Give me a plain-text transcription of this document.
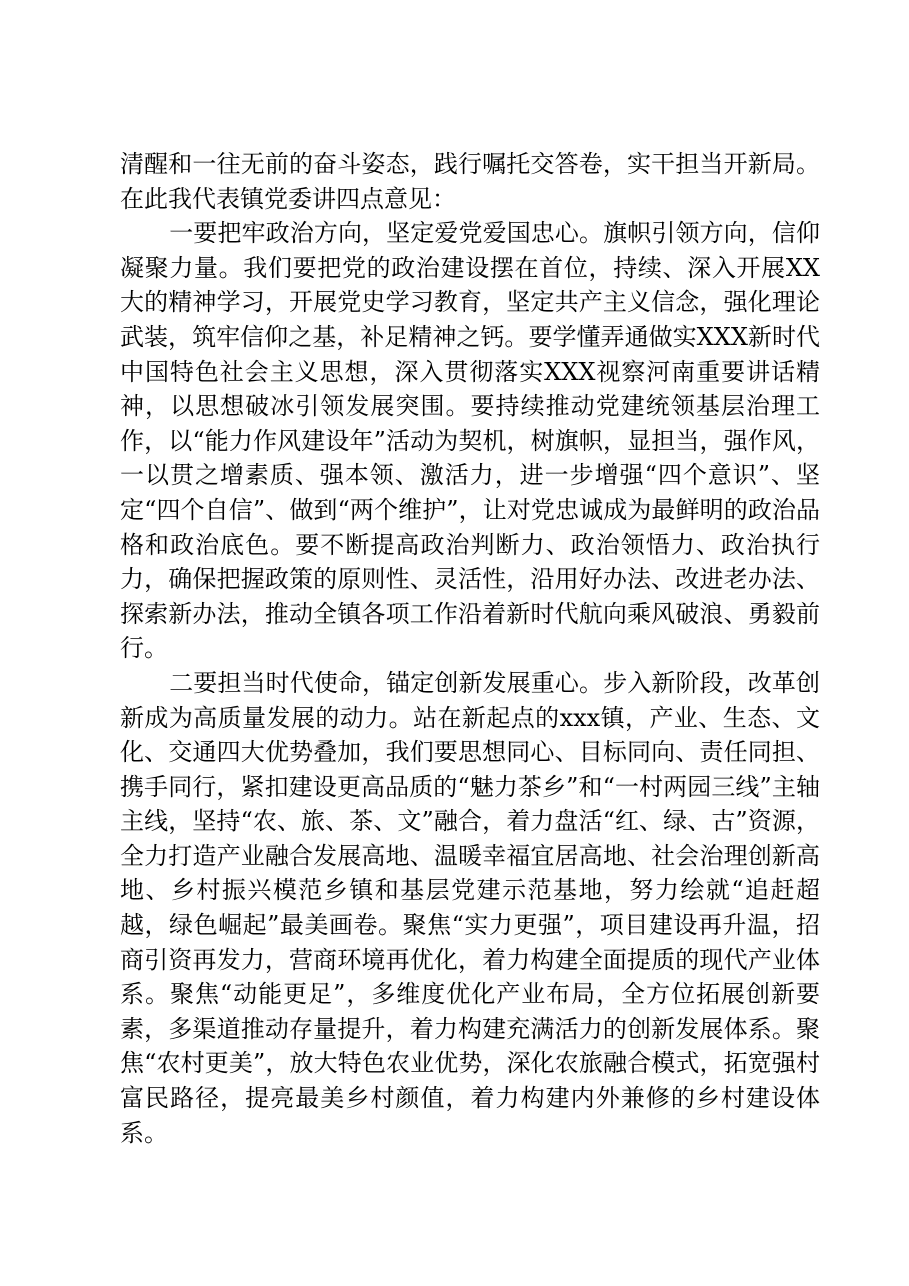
清醒和一往无前的奋斗姿态，践行嘱托交答卷，实干担当开新局。在此我代表镇党委讲四点意见：

一要把牢政治方向，坚定爱党爱国忠心。旗帜引领方向，信仰凝聚力量。我们要把党的政治建设摆在首位，持续、深入开展XX大的精神学习，开展党史学习教育，坚定共产主义信念，强化理论武装，筑牢信仰之基，补足精神之钙。要学懂弄通做实XXX新时代中国特色社会主义思想，深入贯彻落实XXX视察河南重要讲话精神，以思想破冰引领发展突围。要持续推动党建统领基层治理工作，以“能力作风建设年”活动为契机，树旗帜，显担当，强作风，一以贯之增素质、强本领、激活力，进一步增强“四个意识”、坚定“四个自信”、做到“两个维护”，让对党忠诚成为最鲜明的政治品格和政治底色。要不断提高政治判断力、政治领悟力、政治执行力，确保把握政策的原则性、灵活性，沿用好办法、改进老办法、探索新办法，推动全镇各项工作沿着新时代航向乘风破浪、勇毅前行。

二要担当时代使命，锚定创新发展重心。步入新阶段，改革创新成为高质量发展的动力。站在新起点的xxx镇，产业、生态、文化、交通四大优势叠加，我们要思想同心、目标同向、责任同担、携手同行，紧扣建设更高品质的“魅力茶乡”和“一村两园三线”主轴主线，坚持“农、旅、茶、文”融合，着力盘活“红、绿、古”资源，全力打造产业融合发展高地、温暖幸福宜居高地、社会治理创新高地、乡村振兴模范乡镇和基层党建示范基地，努力绘就“追赶超越，绿色崛起”最美画卷。聚焦“实力更强”，项目建设再升温，招商引资再发力，营商环境再优化，着力构建全面提质的现代产业体系。聚焦“动能更足”，多维度优化产业布局，全方位拓展创新要素，多渠道推动存量提升，着力构建充满活力的创新发展体系。聚焦“农村更美”，放大特色农业优势，深化农旅融合模式，拓宽强村富民路径，提亮最美乡村颜值，着力构建内外兼修的乡村建设体系。
